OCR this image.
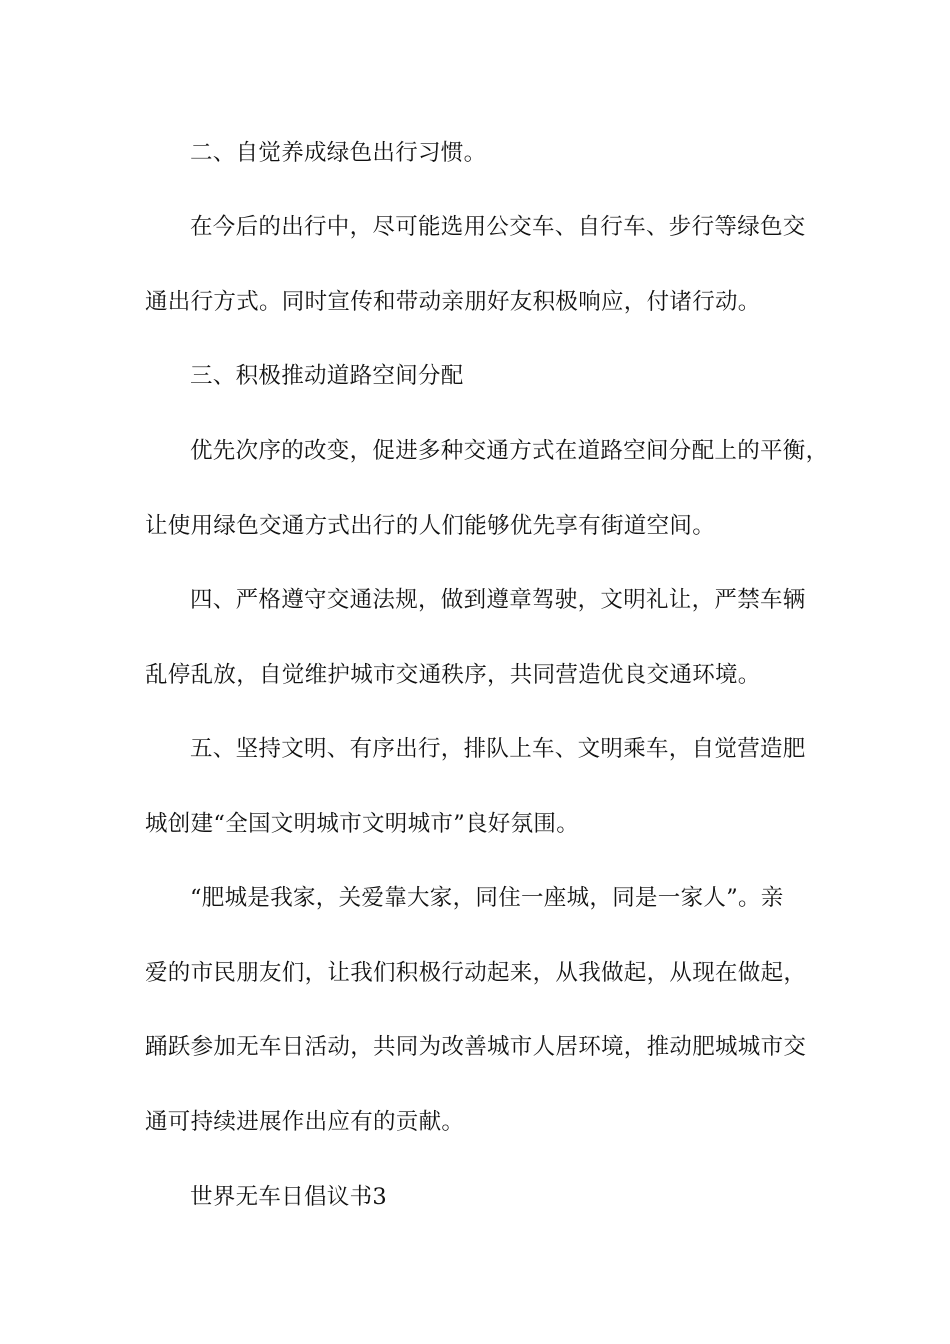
二、自觉养成绿色出行习惯。
在今后的出行中，尽可能选用公交车、自行车、步行等绿色交
通出行方式。同时宣传和带动亲朋好友积极响应，付诸行动。
三、积极推动道路空间分配
优先次序的改变，促进多种交通方式在道路空间分配上的平衡，
让使用绿色交通方式出行的人们能够优先享有街道空间。
四、严格遵守交通法规，做到遵章驾驶，文明礼让，严禁车辆
乱停乱放，自觉维护城市交通秩序，共同营造优良交通环境。
五、坚持文明、有序出行，排队上车、文明乘车，自觉营造肥
城创建“全国文明城市文明城市”良好氛围。
“肥城是我家，关爱靠大家，同住一座城，同是一家人”。亲
爱的市民朋友们，让我们积极行动起来，从我做起，从现在做起，
踊跃参加无车日活动，共同为改善城市人居环境，推动肥城城市交
通可持续进展作出应有的贡献。
世界无车日倡议书3
